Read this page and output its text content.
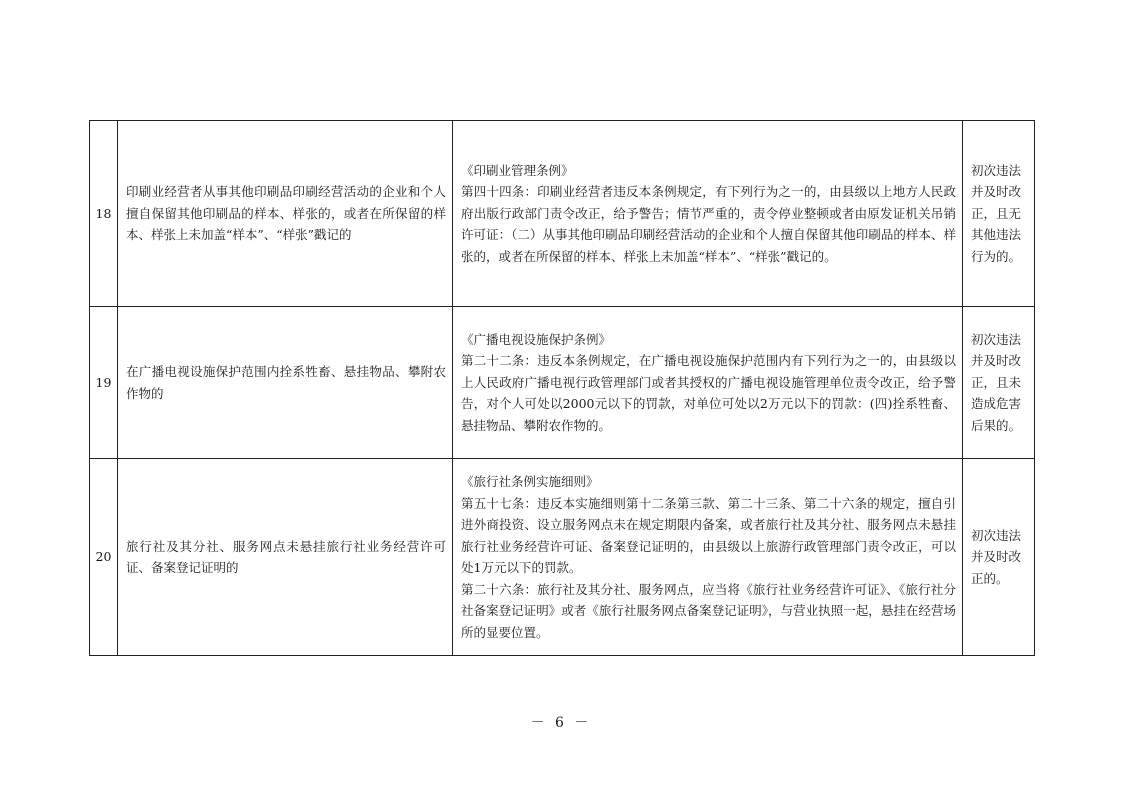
18	印刷业经营者从事其他印刷品印刷经营活动的企业和个人擅自保留其他印刷品的样本、样张的，或者在所保留的样本、样张上未加盖“样本”、“样张”戳记的	《印刷业管理条例》
第四十四条：印刷业经营者违反本条例规定，有下列行为之一的，由县级以上地方人民政府出版行政部门责令改正，给予警告；情节严重的，责令停业整顿或者由原发证机关吊销许可证：（二）从事其他印刷品印刷经营活动的企业和个人擅自保留其他印刷品的样本、样张的，或者在所保留的样本、样张上未加盖“样本”、“样张”戳记的。	初次违法并及时改正，且无其他违法行为的。
19	在广播电视设施保护范围内拴系牲畜、悬挂物品、攀附农作物的	《广播电视设施保护条例》
第二十二条：违反本条例规定，在广播电视设施保护范围内有下列行为之一的，由县级以上人民政府广播电视行政管理部门或者其授权的广播电视设施管理单位责令改正，给予警告，对个人可处以2000元以下的罚款，对单位可处以2万元以下的罚款：(四)拴系牲畜、悬挂物品、攀附农作物的。	初次违法并及时改正，且未造成危害后果的。
20	旅行社及其分社、服务网点未悬挂旅行社业务经营许可证、备案登记证明的	《旅行社条例实施细则》
第五十七条：违反本实施细则第十二条第三款、第二十三条、第二十六条的规定，擅自引进外商投资、设立服务网点未在规定期限内备案，或者旅行社及其分社、服务网点未悬挂旅行社业务经营许可证、备案登记证明的，由县级以上旅游行政管理部门责令改正，可以处1万元以下的罚款。
第二十六条：旅行社及其分社、服务网点，应当将《旅行社业务经营许可证》、《旅行社分社备案登记证明》或者《旅行社服务网点备案登记证明》，与营业执照一起，悬挂在经营场所的显要位置。	初次违法并及时改正的。
－ 6 －
